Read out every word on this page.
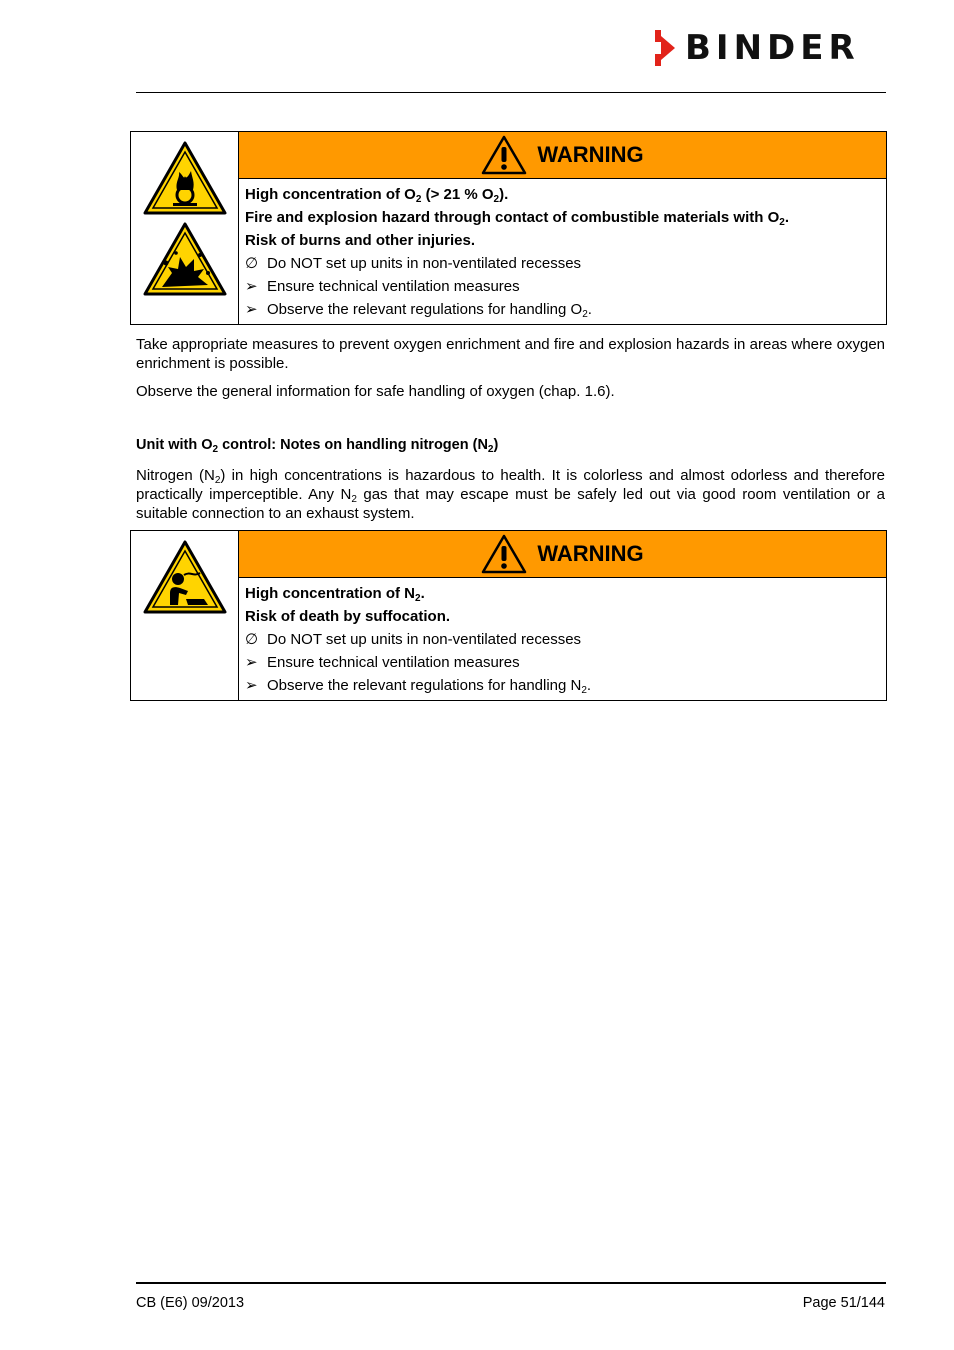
BINDER

WARNING
High concentration of $O_2$ (> 21 % $O_2$).
Fire and explosion hazard through contact of combustible materials with $O_2$.
Risk of burns and other injuries.
∅ Do NOT set up units in non-ventilated recesses
➢ Ensure technical ventilation measures
➢ Observe the relevant regulations for handling $O_2$.
Take appropriate measures to prevent oxygen enrichment and fire and explosion hazards in areas where oxygen enrichment is possible.
Observe the general information for safe handling of oxygen (chap. 1.6).
Unit with $O_2$ control: Notes on handling nitrogen $(N_2)$
Nitrogen $(N_2)$ in high concentrations is hazardous to health. It is colorless and almost odorless and therefore practically imperceptible. Any $N_2$ gas that may escape must be safely led out via good room ventilation or a suitable connection to an exhaust system.

WARNING
High concentration of $N_2$.
Risk of death by suffocation.
∅ Do NOT set up units in non-ventilated recesses
➢ Ensure technical ventilation measures
➢ Observe the relevant regulations for handling $N_2$.
CB (E6) 09/2013	Page 51/144
